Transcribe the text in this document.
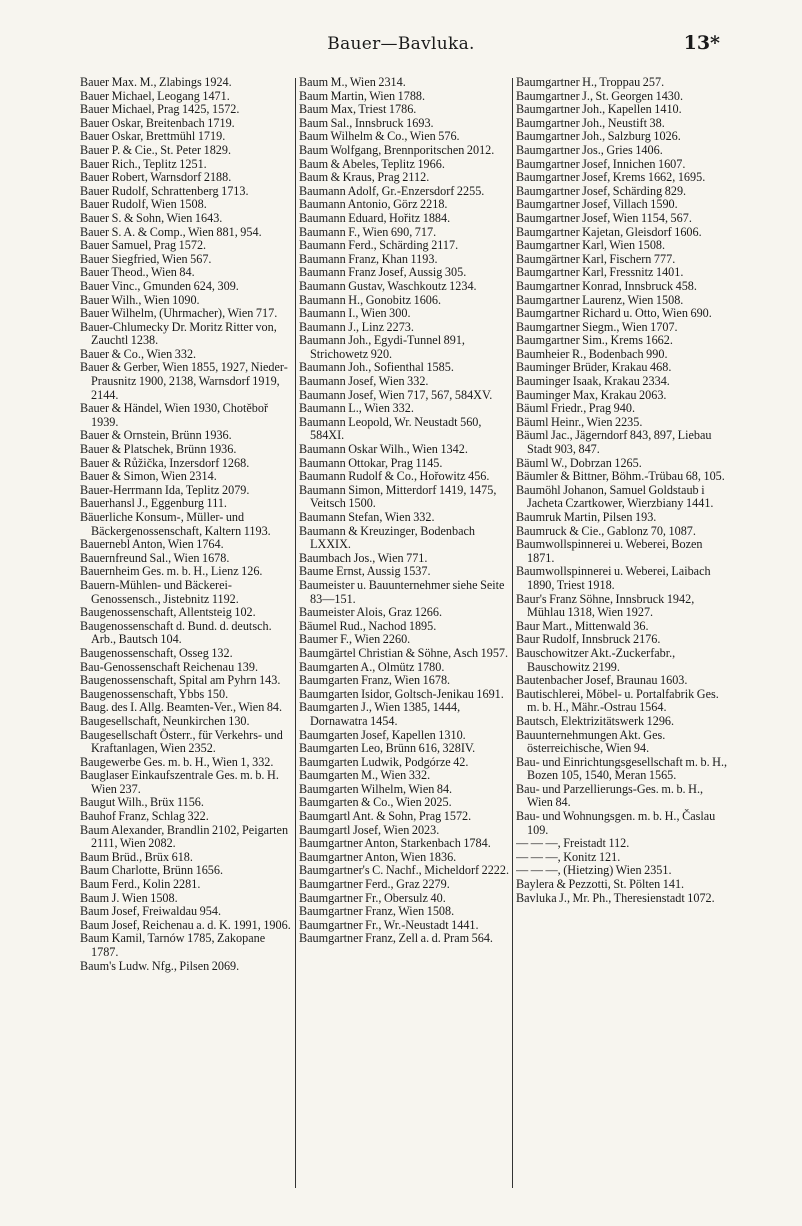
Bauer—Bavluka.	13*
Bauer Max. M., Zlabings 1924.
Bauer Michael, Leogang 1471.
Bauer Michael, Prag 1425, 1572.
Bauer Oskar, Breitenbach 1719.
Bauer Oskar, Brettmühl 1719.
Bauer P. & Cie., St. Peter 1829.
Bauer Rich., Teplitz 1251.
Bauer Robert, Warnsdorf 2188.
Bauer Rudolf, Schrattenberg 1713.
Bauer Rudolf, Wien 1508.
Bauer S. & Sohn, Wien 1643.
Bauer S. A. & Comp., Wien 881, 954.
Bauer Samuel, Prag 1572.
Bauer Siegfried, Wien 567.
Bauer Theod., Wien 84.
Bauer Vinc., Gmunden 624, 309.
Bauer Wilh., Wien 1090.
Bauer Wilhelm, (Uhrmacher), Wien 717.
Bauer-Chlumecky Dr. Moritz Ritter von, Zauchtl 1238.
Bauer & Co., Wien 332.
Bauer & Gerber, Wien 1855, 1927, Nieder-Prausnitz 1900, 2138, Warnsdorf 1919, 2144.
Bauer & Händel, Wien 1930, Chotěboř 1939.
Bauer & Ornstein, Brünn 1936.
Bauer & Platschek, Brünn 1936.
Bauer & Růžička, Inzersdorf 1268.
Bauer & Simon, Wien 2314.
Bauer-Herrmann Ida, Teplitz 2079.
Bauerhansl J., Eggenburg 111.
Bäuerliche Konsum-, Müller- und Bäckergenossenschaft, Kaltern 1193.
Bauernebl Anton, Wien 1764.
Bauernfreund Sal., Wien 1678.
Bauernheim Ges. m. b. H., Lienz 126.
Bauern-Mühlen- und Bäckerei-Genossensch., Jistebnitz 1192.
Baugenossenschaft, Allentsteig 102.
Baugenossenschaft d. Bund. d. deutsch. Arb., Bautsch 104.
Baugenossenschaft, Osseg 132.
Bau-Genossenschaft Reichenau 139.
Baugenossenschaft, Spital am Pyhrn 143.
Baugenossenschaft, Ybbs 150.
Baug. des I. Allg. Beamten-Ver., Wien 84.
Baugesellschaft, Neunkirchen 130.
Baugesellschaft Österr., für Verkehrs- und Kraftanlagen, Wien 2352.
Baugewerbe Ges. m. b. H., Wien 1, 332.
Bauglaser Einkaufszentrale Ges. m. b. H. Wien 237.
Baugut Wilh., Brüx 1156.
Bauhof Franz, Schlag 322.
Baum Alexander, Brandlin 2102, Peigarten 2111, Wien 2082.
Baum Brüd., Brüx 618.
Baum Charlotte, Brünn 1656.
Baum Ferd., Kolin 2281.
Baum J. Wien 1508.
Baum Josef, Freiwaldau 954.
Baum Josef, Reichenau a. d. K. 1991, 1906.
Baum Kamil, Tarnów 1785, Zakopane 1787.
Baum's Ludw. Nfg., Pilsen 2069.
Baum M., Wien 2314.
Baum Martin, Wien 1788.
Baum Max, Triest 1786.
Baum Sal., Innsbruck 1693.
Baum Wilhelm & Co., Wien 576.
Baum Wolfgang, Brennporitschen 2012.
Baum & Abeles, Teplitz 1966.
Baum & Kraus, Prag 2112.
Baumann Adolf, Gr.-Enzersdorf 2255.
Baumann Antonio, Görz 2218.
Baumann Eduard, Hořitz 1884.
Baumann F., Wien 690, 717.
Baumann Ferd., Schärding 2117.
Baumann Franz, Khan 1193.
Baumann Franz Josef, Aussig 305.
Baumann Gustav, Waschkoutz 1234.
Baumann H., Gonobitz 1606.
Baumann I., Wien 300.
Baumann J., Linz 2273.
Baumann Joh., Egydi-Tunnel 891, Strichowetz 920.
Baumann Joh., Sofienthal 1585.
Baumann Josef, Wien 332.
Baumann Josef, Wien 717, 567, 584XV.
Baumann L., Wien 332.
Baumann Leopold, Wr. Neustadt 560, 584XI.
Baumann Oskar Wilh., Wien 1342.
Baumann Ottokar, Prag 1145.
Baumann Rudolf & Co., Hořowitz 456.
Baumann Simon, Mitterdorf 1419, 1475, Veitsch 1500.
Baumann Stefan, Wien 332.
Baumann & Kreuzinger, Bodenbach LXXIX.
Baumbach Jos., Wien 771.
Baume Ernst, Aussig 1537.
Baumeister u. Bauunternehmer siehe Seite 83—151.
Baumeister Alois, Graz 1266.
Bäumel Rud., Nachod 1895.
Baumer F., Wien 2260.
Baumgärtel Christian & Söhne, Asch 1957.
Baumgarten A., Olmütz 1780.
Baumgarten Franz, Wien 1678.
Baumgarten Isidor, Goltsch-Jenikau 1691.
Baumgarten J., Wien 1385, 1444, Dornawatra 1454.
Baumgarten Josef, Kapellen 1310.
Baumgarten Leo, Brünn 616, 328IV.
Baumgarten Ludwik, Podgórze 42.
Baumgarten M., Wien 332.
Baumgarten Wilhelm, Wien 84.
Baumgarten & Co., Wien 2025.
Baumgartl Ant. & Sohn, Prag 1572.
Baumgartl Josef, Wien 2023.
Baumgartner Anton, Starkenbach 1784.
Baumgartner Anton, Wien 1836.
Baumgartner's C. Nachf., Micheldorf 2222.
Baumgartner Ferd., Graz 2279.
Baumgartner Fr., Obersulz 40.
Baumgartner Franz, Wien 1508.
Baumgartner Fr., Wr.-Neustadt 1441.
Baumgartner Franz, Zell a. d. Pram 564.
Baumgartner H., Troppau 257.
Baumgartner J., St. Georgen 1430.
Baumgartner Joh., Kapellen 1410.
Baumgartner Joh., Neustift 38.
Baumgartner Joh., Salzburg 1026.
Baumgartner Jos., Gries 1406.
Baumgartner Josef, Innichen 1607.
Baumgartner Josef, Krems 1662, 1695.
Baumgartner Josef, Schärding 829.
Baumgartner Josef, Villach 1590.
Baumgartner Josef, Wien 1154, 567.
Baumgartner Kajetan, Gleisdorf 1606.
Baumgartner Karl, Wien 1508.
Baumgärtner Karl, Fischern 777.
Baumgartner Karl, Fressnitz 1401.
Baumgartner Konrad, Innsbruck 458.
Baumgartner Laurenz, Wien 1508.
Baumgartner Richard u. Otto, Wien 690.
Baumgartner Siegm., Wien 1707.
Baumgartner Sim., Krems 1662.
Baumheier R., Bodenbach 990.
Bauminger Brüder, Krakau 468.
Bauminger Isaak, Krakau 2334.
Bauminger Max, Krakau 2063.
Bäuml Friedr., Prag 940.
Bäuml Heinr., Wien 2235.
Bäuml Jac., Jägerndorf 843, 897, Liebau Stadt 903, 847.
Bäuml W., Dobrzan 1265.
Bäumler & Bittner, Böhm.-Trübau 68, 105.
Baumöhl Johanon, Samuel Goldstaub i Jacheta Czartkower, Wierzbiany 1441.
Baumruk Martin, Pilsen 193.
Baumruck & Cie., Gablonz 70, 1087.
Baumwollspinnerei u. Weberei, Bozen 1871.
Baumwollspinnerei u. Weberei, Laibach 1890, Triest 1918.
Baur's Franz Söhne, Innsbruck 1942, Mühlau 1318, Wien 1927.
Baur Mart., Mittenwald 36.
Baur Rudolf, Innsbruck 2176.
Bauschowitzer Akt.-Zuckerfabr., Bauschowitz 2199.
Bautenbacher Josef, Braunau 1603.
Bautischlerei, Möbel- u. Portalfabrik Ges. m. b. H., Mähr.-Ostrau 1564.
Bautsch, Elektrizitätswerk 1296.
Bauunternehmungen Akt. Ges. österreichische, Wien 94.
Bau- und Einrichtungsgesellschaft m. b. H., Bozen 105, 1540, Meran 1565.
Bau- und Parzellierungs-Ges. m. b. H., Wien 84.
Bau- und Wohnungsgen. m. b. H., Časlau 109.
— — —, Freistadt 112.
— — —, Konitz 121.
— — —, (Hietzing) Wien 2351.
Baylera & Pezzotti, St. Pölten 141.
Bavluka J., Mr. Ph., Theresienstadt 1072.
